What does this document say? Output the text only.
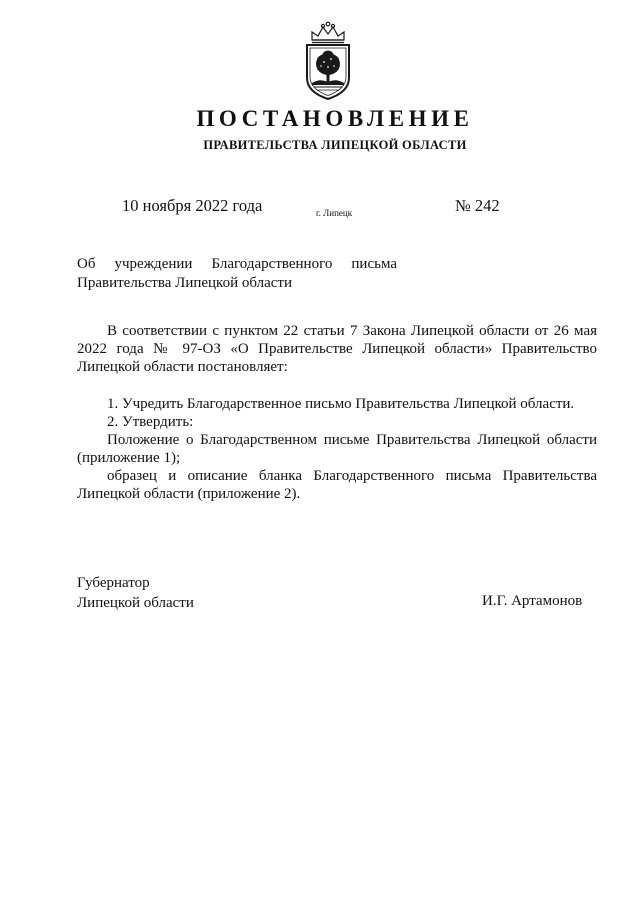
ПОСТАНОВЛЕНИЕ
ПРАВИТЕЛЬСТВА ЛИПЕЦКОЙ ОБЛАСТИ
10 ноября 2022 года	г. Липецк	№ 242
Об учреждении Благодарственного письма
Правительства Липецкой области

В соответствии с пунктом 22 статьи 7 Закона Липецкой области от 26 мая 2022 года № 97-ОЗ «О Правительстве Липецкой области» Правительство Липецкой области постановляет:

1. Учредить Благодарственное письмо Правительства Липецкой области.

2. Утвердить:

Положение о Благодарственном письме Правительства Липецкой области (приложение 1);

образец и описание бланка Благодарственного письма Правительства Липецкой области (приложение 2).

Губернатор
Липецкой области	И.Г. Артамонов
